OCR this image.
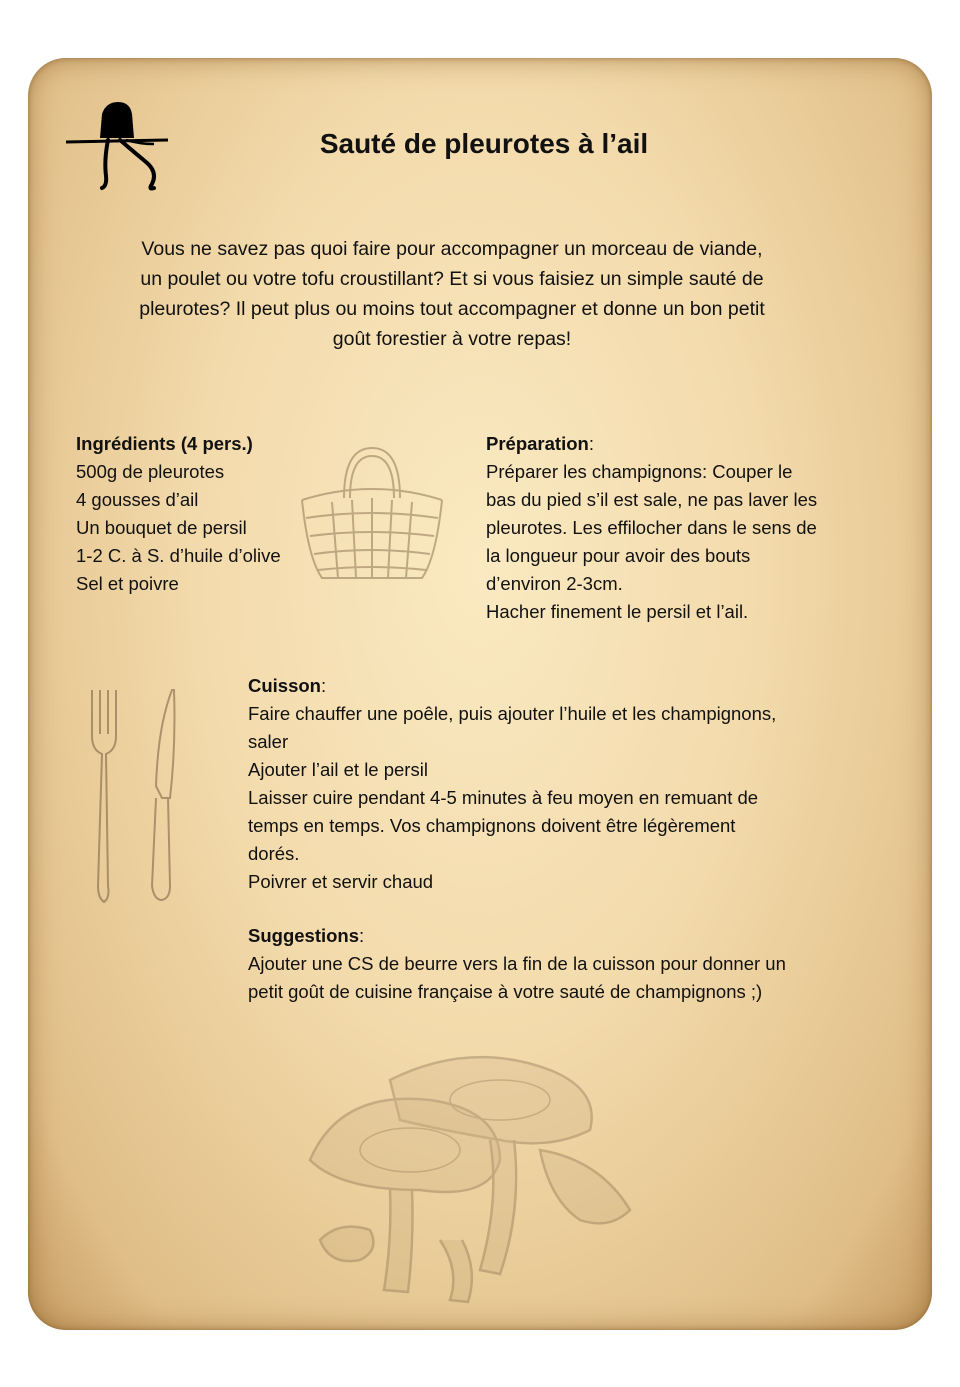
Sauté de pleurotes à l’ail

Vous ne savez pas quoi faire pour accompagner un morceau de viande,
un poulet ou votre tofu croustillant? Et si vous faisiez un simple sauté de
pleurotes? Il peut plus ou moins tout accompagner et donne un bon petit
goût forestier à votre repas!

Ingrédients (4 pers.)
500g de pleurotes
4 gousses d’ail
Un bouquet de persil
1-2 C. à S. d’huile d’olive
Sel et poivre
Préparation:
Préparer les champignons: Couper le
bas du pied s’il est sale, ne pas laver les
pleurotes. Les effilocher dans le sens de
la longueur pour avoir des bouts
d’environ 2-3cm.
Hacher finement le persil et l’ail.
Cuisson:
Faire chauffer une poêle, puis ajouter l’huile et les champignons,
saler
Ajouter l’ail et le persil
Laisser cuire pendant 4-5 minutes à feu moyen en remuant de
temps en temps. Vos champignons doivent être légèrement
dorés.
Poivrer et servir chaud
Suggestions:
Ajouter une CS de beurre vers la fin de la cuisson pour donner un
petit goût de cuisine française à votre sauté de champignons ;)
